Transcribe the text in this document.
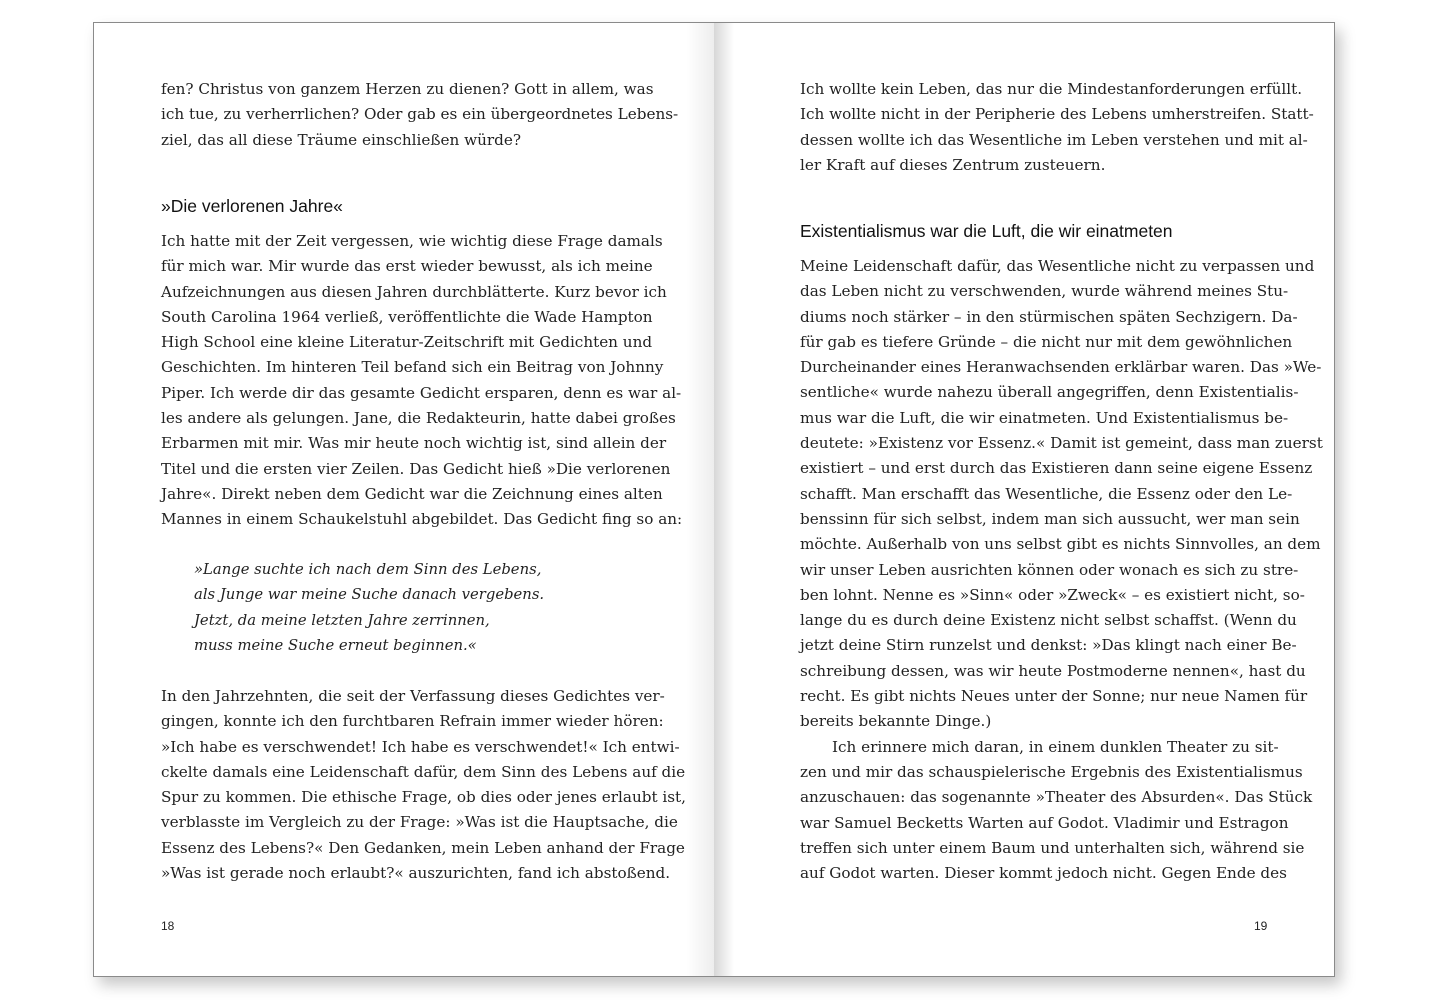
fen? Christus von ganzem Herzen zu dienen? Gott in allem, was
ich tue, zu verherrlichen? Oder gab es ein übergeordnetes Lebens-
ziel, das all diese Träume einschließen würde?
»Die verlorenen Jahre«
Ich hatte mit der Zeit vergessen, wie wichtig diese Frage damals
für mich war. Mir wurde das erst wieder bewusst, als ich meine
Aufzeichnungen aus diesen Jahren durchblätterte. Kurz bevor ich
South Carolina 1964 verließ, veröffentlichte die Wade Hampton
High School eine kleine Literatur-Zeitschrift mit Gedichten und
Geschichten. Im hinteren Teil befand sich ein Beitrag von Johnny
Piper. Ich werde dir das gesamte Gedicht ersparen, denn es war al-
les andere als gelungen. Jane, die Redakteurin, hatte dabei großes
Erbarmen mit mir. Was mir heute noch wichtig ist, sind allein der
Titel und die ersten vier Zeilen. Das Gedicht hieß »Die verlorenen
Jahre«. Direkt neben dem Gedicht war die Zeichnung eines alten
Mannes in einem Schaukelstuhl abgebildet. Das Gedicht fing so an:
»Lange suchte ich nach dem Sinn des Lebens,
als Junge war meine Suche danach vergebens.
Jetzt, da meine letzten Jahre zerrinnen,
muss meine Suche erneut beginnen.«
In den Jahrzehnten, die seit der Verfassung dieses Gedichtes ver-
gingen, konnte ich den furchtbaren Refrain immer wieder hören:
»Ich habe es verschwendet! Ich habe es verschwendet!« Ich entwi-
ckelte damals eine Leidenschaft dafür, dem Sinn des Lebens auf die
Spur zu kommen. Die ethische Frage, ob dies oder jenes erlaubt ist,
verblasste im Vergleich zu der Frage: »Was ist die Hauptsache, die
Essenz des Lebens?« Den Gedanken, mein Leben anhand der Frage
»Was ist gerade noch erlaubt?« auszurichten, fand ich abstoßend.
18
Ich wollte kein Leben, das nur die Mindestanforderungen erfüllt.
Ich wollte nicht in der Peripherie des Lebens umherstreifen. Statt-
dessen wollte ich das Wesentliche im Leben verstehen und mit al-
ler Kraft auf dieses Zentrum zusteuern.
Existentialismus war die Luft, die wir einatmeten
Meine Leidenschaft dafür, das Wesentliche nicht zu verpassen und
das Leben nicht zu verschwenden, wurde während meines Stu-
diums noch stärker – in den stürmischen späten Sechzigern. Da-
für gab es tiefere Gründe – die nicht nur mit dem gewöhnlichen
Durcheinander eines Heranwachsenden erklärbar waren. Das »We-
sentliche« wurde nahezu überall angegriffen, denn Existentialis-
mus war die Luft, die wir einatmeten. Und Existentialismus be-
deutete: »Existenz vor Essenz.« Damit ist gemeint, dass man zuerst
existiert – und erst durch das Existieren dann seine eigene Essenz
schafft. Man erschafft das Wesentliche, die Essenz oder den Le-
benssinn für sich selbst, indem man sich aussucht, wer man sein
möchte. Außerhalb von uns selbst gibt es nichts Sinnvolles, an dem
wir unser Leben ausrichten können oder wonach es sich zu stre-
ben lohnt. Nenne es »Sinn« oder »Zweck« – es existiert nicht, so-
lange du es durch deine Existenz nicht selbst schaffst. (Wenn du
jetzt deine Stirn runzelst und denkst: »Das klingt nach einer Be-
schreibung dessen, was wir heute Postmoderne nennen«, hast du
recht. Es gibt nichts Neues unter der Sonne; nur neue Namen für
bereits bekannte Dinge.)
Ich erinnere mich daran, in einem dunklen Theater zu sit-
zen und mir das schauspielerische Ergebnis des Existentialismus
anzuschauen: das sogenannte »Theater des Absurden«. Das Stück
war Samuel Becketts Warten auf Godot. Vladimir und Estragon
treffen sich unter einem Baum und unterhalten sich, während sie
auf Godot warten. Dieser kommt jedoch nicht. Gegen Ende des
19
